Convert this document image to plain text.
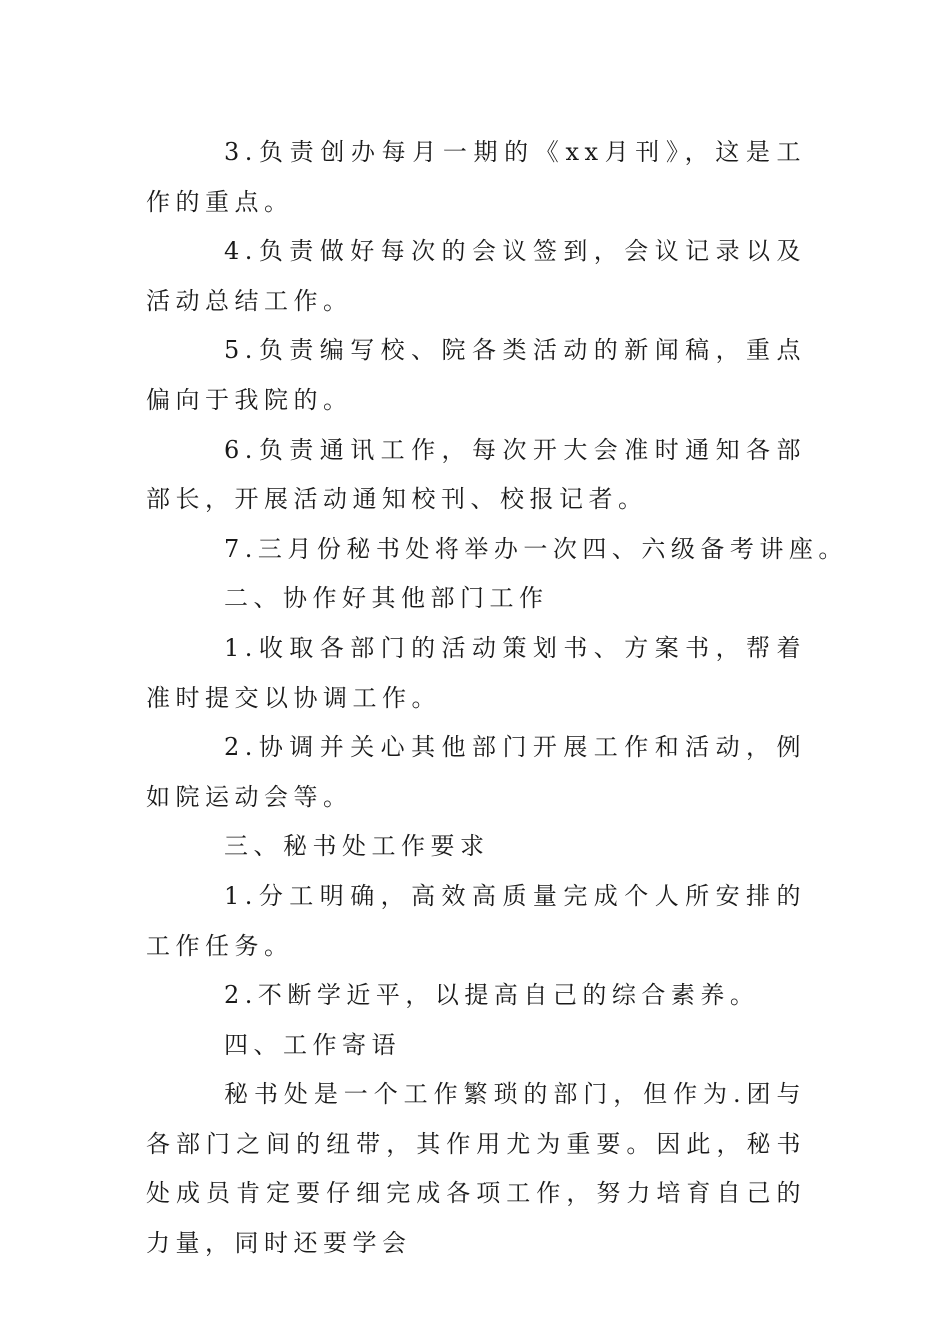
3.负责创办每月一期的《xx月刊》，这是工作的重点。

4.负责做好每次的会议签到，会议记录以及活动总结工作。

5.负责编写校、院各类活动的新闻稿，重点偏向于我院的。

6.负责通讯工作，每次开大会准时通知各部部长，开展活动通知校刊、校报记者。

7.三月份秘书处将举办一次四、六级备考讲座。

二、协作好其他部门工作

1.收取各部门的活动策划书、方案书，帮着准时提交以协调工作。

2.协调并关心其他部门开展工作和活动，例如院运动会等。

三、秘书处工作要求

1.分工明确，高效高质量完成个人所安排的工作任务。

2.不断学近平，以提高自己的综合素养。

四、工作寄语

秘书处是一个工作繁琐的部门，但作为.团与各部门之间的纽带，其作用尤为重要。因此，秘书处成员肯定要仔细完成各项工作，努力培育自己的力量，同时还要学会
